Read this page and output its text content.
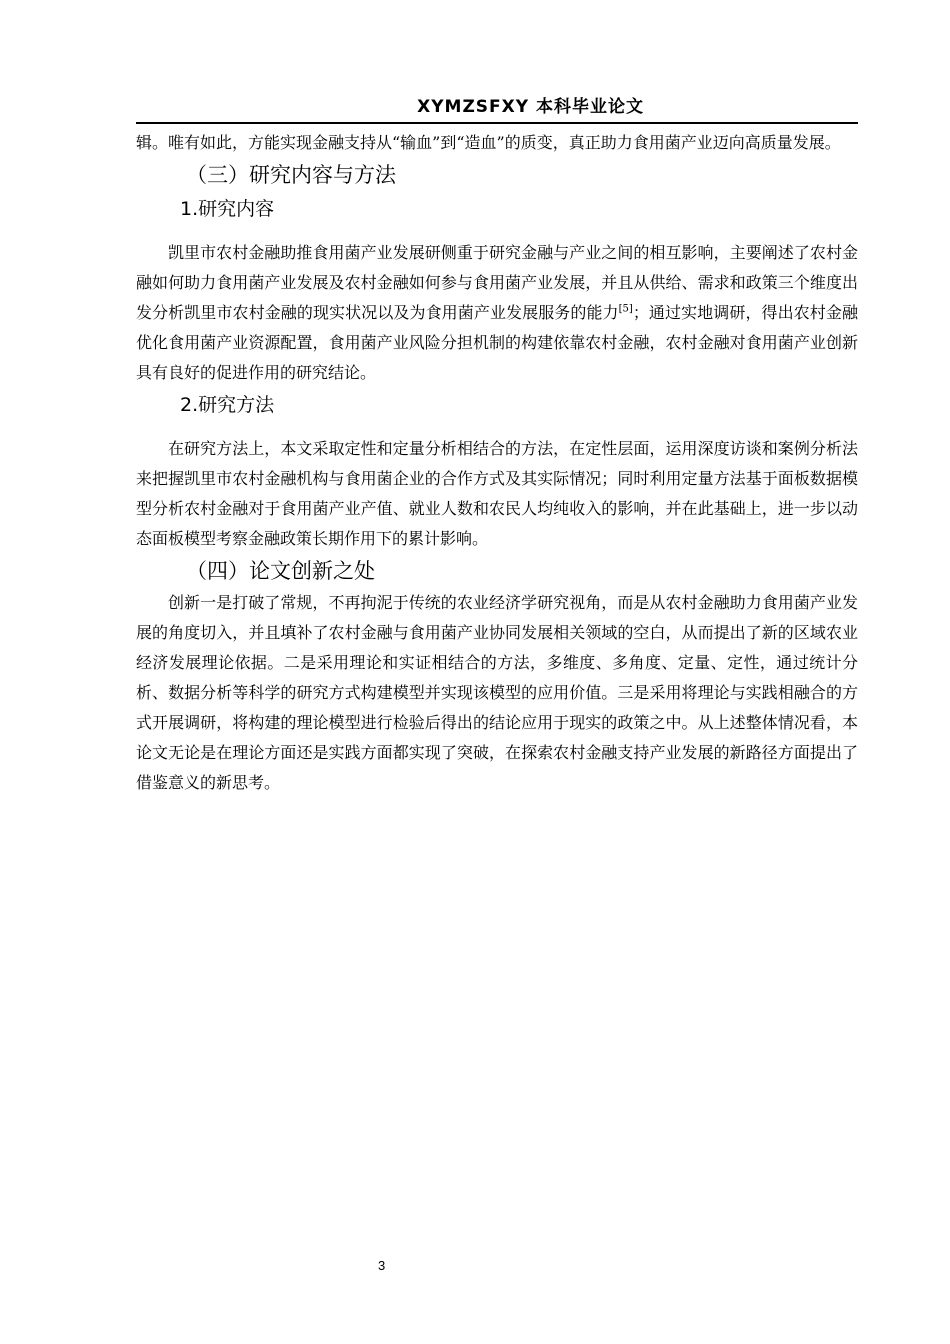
XYMZSFXY 本科毕业论文

辑。唯有如此，方能实现金融支持从“输血”到“造血”的质变，真正助力食用菌产业迈向高质量发展。

（三）研究内容与方法
1.研究内容

凯里市农村金融助推食用菌产业发展研侧重于研究金融与产业之间的相互影响，主要阐述了农村金融如何助力食用菌产业发展及农村金融如何参与食用菌产业发展，并且从供给、需求和政策三个维度出发分析凯里市农村金融的现实状况以及为食用菌产业发展服务的能力[5]；通过实地调研，得出农村金融优化食用菌产业资源配置，食用菌产业风险分担机制的构建依靠农村金融，农村金融对食用菌产业创新具有良好的促进作用的研究结论。

2.研究方法

在研究方法上，本文采取定性和定量分析相结合的方法，在定性层面，运用深度访谈和案例分析法来把握凯里市农村金融机构与食用菌企业的合作方式及其实际情况；同时利用定量方法基于面板数据模型分析农村金融对于食用菌产业产值、就业人数和农民人均纯收入的影响，并在此基础上，进一步以动态面板模型考察金融政策长期作用下的累计影响。

（四）论文创新之处

创新一是打破了常规，不再拘泥于传统的农业经济学研究视角，而是从农村金融助力食用菌产业发展的角度切入，并且填补了农村金融与食用菌产业协同发展相关领域的空白，从而提出了新的区域农业经济发展理论依据。二是采用理论和实证相结合的方法，多维度、多角度、定量、定性，通过统计分析、数据分析等科学的研究方式构建模型并实现该模型的应用价值。三是采用将理论与实践相融合的方式开展调研，将构建的理论模型进行检验后得出的结论应用于现实的政策之中。从上述整体情况看，本论文无论是在理论方面还是实践方面都实现了突破，在探索农村金融支持产业发展的新路径方面提出了借鉴意义的新思考。

3
